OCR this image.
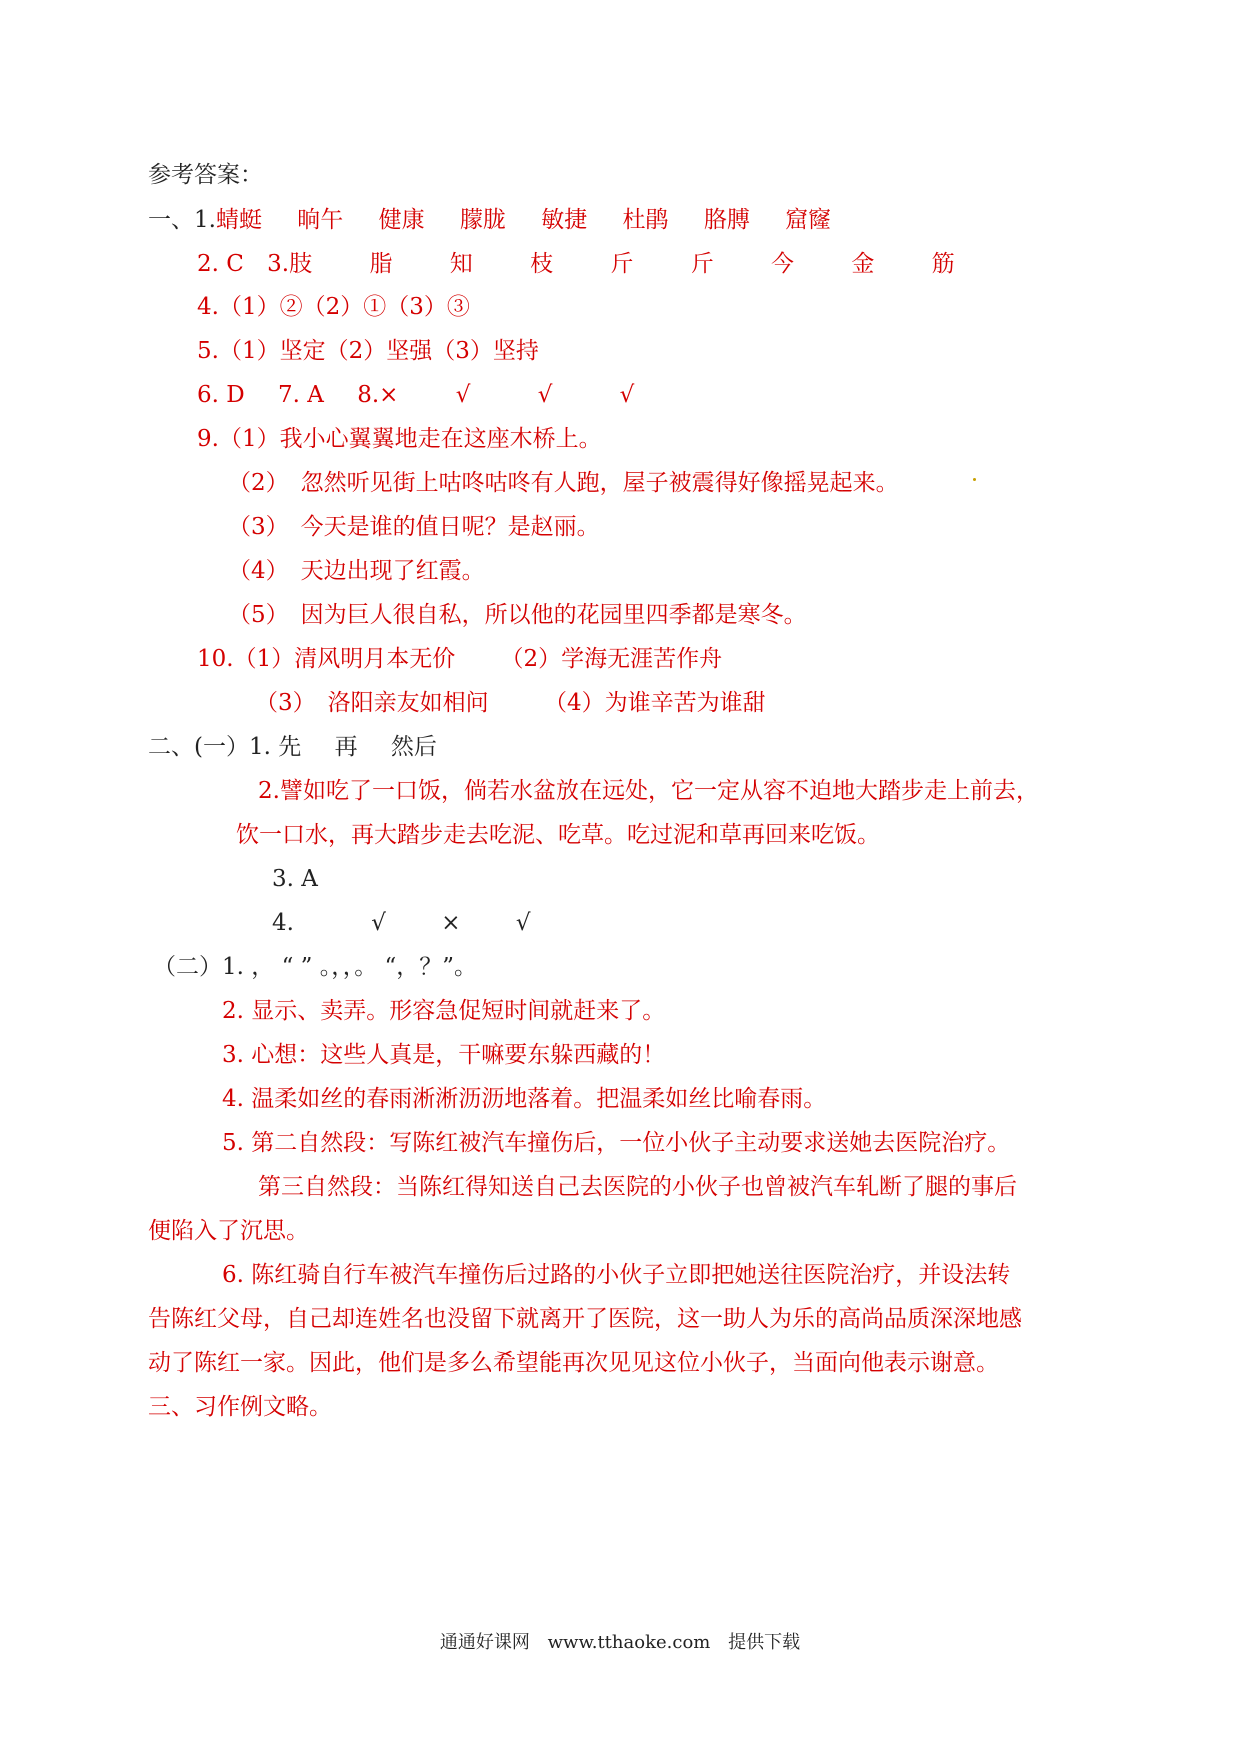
参考答案：
一、1.蜻蜓 晌午 健康 朦胧 敏捷 杜鹃 胳膊 窟窿
2. C 3.肢 脂 知 枝 斤 斤 今 金 筋
4.（1）②（2）①（3）③
5.（1）坚定（2）坚强（3）坚持
6. D 7. A 8.× √	√	√
9.（1）我小心翼翼地走在这座木桥上。
（2） 忽然听见街上咕咚咕咚有人跑，屋子被震得好像摇晃起来。
（3） 今天是谁的值日呢？是赵丽。
（4） 天边出现了红霞。
（5） 因为巨人很自私，所以他的花园里四季都是寒冬。
10.（1）清风明月本无价 （2）学海无涯苦作舟
（3） 洛阳亲友如相问 （4）为谁辛苦为谁甜
二、(一）1. 先 再 然后
2.譬如吃了一口饭，倘若水盆放在远处，它一定从容不迫地大踏步走上前去，
饮一口水，再大踏步走去吃泥、吃草。吃过泥和草再回来吃饭。
3. A
4.	√ × √
（二）1. ， “ ” 。，，。 “，？”。
2. 显示、卖弄。形容急促短时间就赶来了。
3. 心想：这些人真是，干嘛要东躲西藏的！
4. 温柔如丝的春雨淅淅沥沥地落着。把温柔如丝比喻春雨。
5. 第二自然段：写陈红被汽车撞伤后，一位小伙子主动要求送她去医院治疗。
第三自然段：当陈红得知送自己去医院的小伙子也曾被汽车轧断了腿的事后
便陷入了沉思。
6. 陈红骑自行车被汽车撞伤后过路的小伙子立即把她送往医院治疗，并设法转
告陈红父母，自己却连姓名也没留下就离开了医院，这一助人为乐的高尚品质深深地感
动了陈红一家。因此，他们是多么希望能再次见见这位小伙子，当面向他表示谢意。
三、习作例文略。
通通好课网 www.tthaoke.com 提供下载
